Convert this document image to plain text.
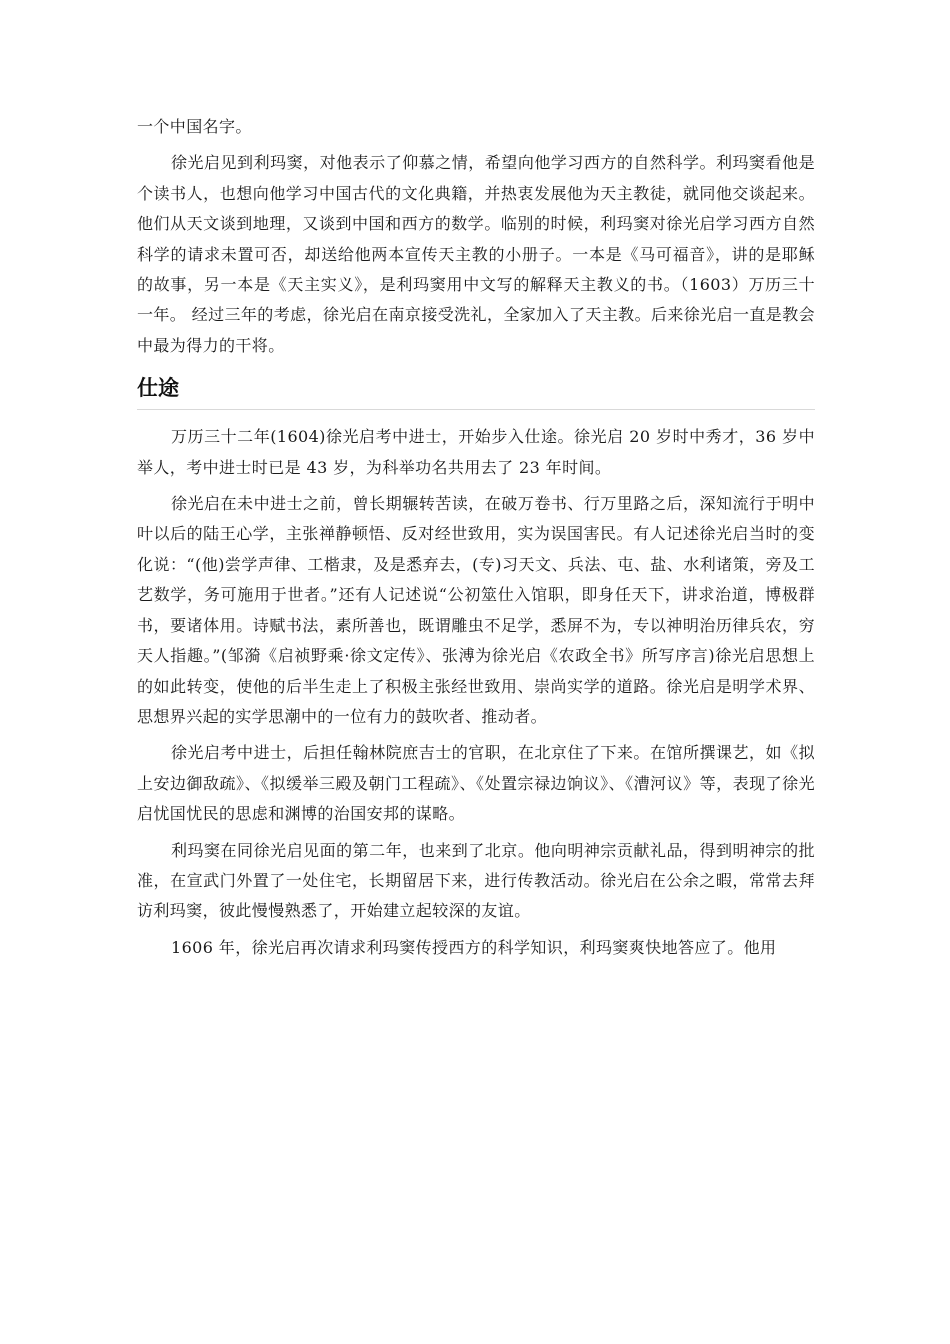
一个中国名字。

徐光启见到利玛窦，对他表示了仰慕之情，希望向他学习西方的自然科学。利玛窦看他是个读书人，也想向他学习中国古代的文化典籍，并热衷发展他为天主教徒，就同他交谈起来。他们从天文谈到地理，又谈到中国和西方的数学。临别的时候，利玛窦对徐光启学习西方自然科学的请求未置可否，却送给他两本宣传天主教的小册子。一本是《马可福音》，讲的是耶稣的故事，另一本是《天主实义》，是利玛窦用中文写的解释天主教义的书。（1603）万历三十一年。 经过三年的考虑，徐光启在南京接受洗礼，全家加入了天主教。后来徐光启一直是教会中最为得力的干将。

仕途

万历三十二年(1604)徐光启考中进士，开始步入仕途。徐光启 20 岁时中秀才，36 岁中举人，考中进士时已是 43 岁，为科举功名共用去了 23 年时间。

徐光启在未中进士之前，曾长期辗转苦读，在破万卷书、行万里路之后，深知流行于明中叶以后的陆王心学，主张禅静顿悟、反对经世致用，实为误国害民。有人记述徐光启当时的变化说：“(他)尝学声律、工楷隶，及是悉弃去，(专)习天文、兵法、屯、盐、水利诸策，旁及工艺数学，务可施用于世者。”还有人记述说“公初筮仕入馆职，即身任天下，讲求治道，博极群书，要诸体用。诗赋书法，素所善也，既谓雕虫不足学，悉屏不为，专以神明治历律兵农，穷天人指趣。”(邹漪《启祯野乘·徐文定传》、张溥为徐光启《农政全书》所写序言)徐光启思想上的如此转变，使他的后半生走上了积极主张经世致用、崇尚实学的道路。徐光启是明学术界、思想界兴起的实学思潮中的一位有力的鼓吹者、推动者。

徐光启考中进士，后担任翰林院庶吉士的官职，在北京住了下来。在馆所撰课艺，如《拟上安边御敌疏》、《拟缓举三殿及朝门工程疏》、《处置宗禄边饷议》、《漕河议》等，表现了徐光启忧国忧民的思虑和渊博的治国安邦的谋略。

利玛窦在同徐光启见面的第二年，也来到了北京。他向明神宗贡献礼品，得到明神宗的批准，在宣武门外置了一处住宅，长期留居下来，进行传教活动。徐光启在公余之暇，常常去拜访利玛窦，彼此慢慢熟悉了，开始建立起较深的友谊。

1606 年，徐光启再次请求利玛窦传授西方的科学知识，利玛窦爽快地答应了。他用
